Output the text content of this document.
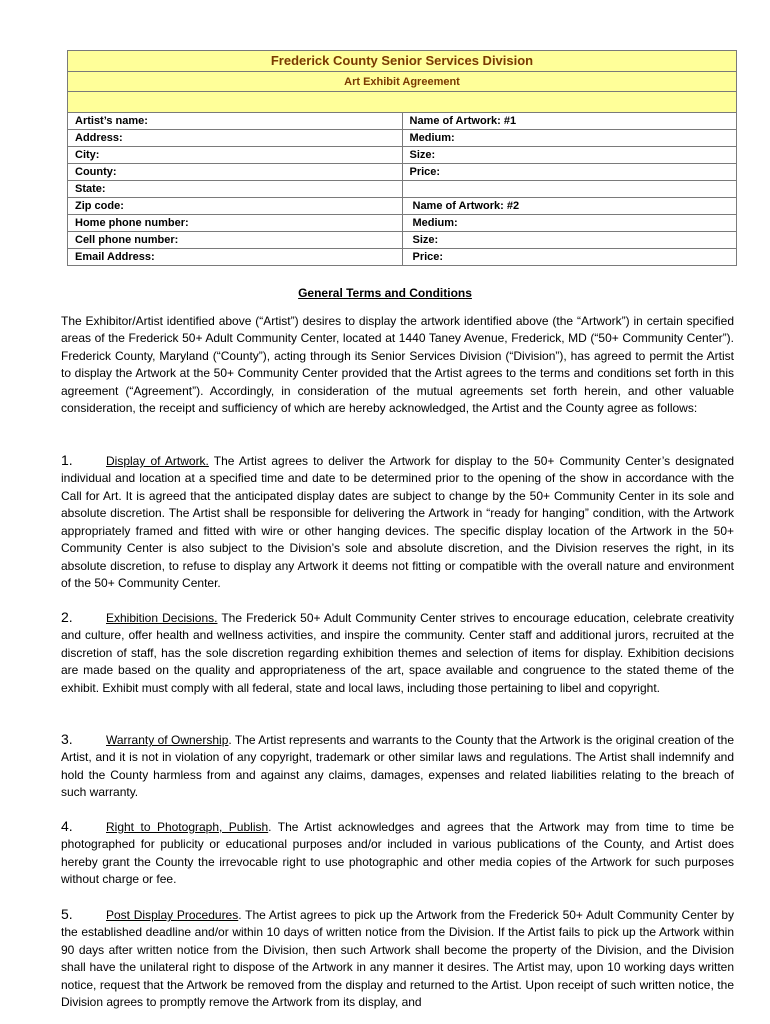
Frederick County Senior Services Division	
Art Exhibit Agreement	

Artist’s name:	Name of Artwork: #1
Address:	Medium:
City:	Size:
County:	Price:
State:	
Zip code:	Name of Artwork: #2
Home phone number:	Medium:
Cell phone number:	Size:
Email Address:	Price:
General Terms and Conditions

The Exhibitor/Artist identified above (“Artist”) desires to display the artwork identified above (the “Artwork”) in certain specified areas of the Frederick 50+ Adult Community Center, located at 1440 Taney Avenue, Frederick, MD (“50+ Community Center”). Frederick County, Maryland (“County”), acting through its Senior Services Division (“Division”), has agreed to permit the Artist to display the Artwork at the 50+ Community Center provided that the Artist agrees to the terms and conditions set forth in this agreement (“Agreement”). Accordingly, in consideration of the mutual agreements set forth herein, and other valuable consideration, the receipt and sufficiency of which are hereby acknowledged, the Artist and the County agree as follows:

1.	Display of Artwork. The Artist agrees to deliver the Artwork for display to the 50+ Community Center’s designated individual and location at a specified time and date to be determined prior to the opening of the show in accordance with the Call for Art. It is agreed that the anticipated display dates are subject to change by the 50+ Community Center in its sole and absolute discretion. The Artist shall be responsible for delivering the Artwork in “ready for hanging” condition, with the Artwork appropriately framed and fitted with wire or other hanging devices. The specific display location of the Artwork in the 50+ Community Center is also subject to the Division’s sole and absolute discretion, and the Division reserves the right, in its absolute discretion, to refuse to display any Artwork it deems not fitting or compatible with the overall nature and environment of the 50+ Community Center.

2.	Exhibition Decisions. The Frederick 50+ Adult Community Center strives to encourage education, celebrate creativity and culture, offer health and wellness activities, and inspire the community. Center staff and additional jurors, recruited at the discretion of staff, has the sole discretion regarding exhibition themes and selection of items for display. Exhibition decisions are made based on the quality and appropriateness of the art, space available and congruence to the stated theme of the exhibit. Exhibit must comply with all federal, state and local laws, including those pertaining to libel and copyright.

3.	Warranty of Ownership. The Artist represents and warrants to the County that the Artwork is the original creation of the Artist, and it is not in violation of any copyright, trademark or other similar laws and regulations. The Artist shall indemnify and hold the County harmless from and against any claims, damages, expenses and related liabilities relating to the breach of such warranty.

4.	Right to Photograph, Publish. The Artist acknowledges and agrees that the Artwork may from time to time be photographed for publicity or educational purposes and/or included in various publications of the County, and Artist does hereby grant the County the irrevocable right to use photographic and other media copies of the Artwork for such purposes without charge or fee.

5.	Post Display Procedures. The Artist agrees to pick up the Artwork from the Frederick 50+ Adult Community Center by the established deadline and/or within 10 days of written notice from the Division. If the Artist fails to pick up the Artwork within 90 days after written notice from the Division, then such Artwork shall become the property of the Division, and the Division shall have the unilateral right to dispose of the Artwork in any manner it desires. The Artist may, upon 10 working days written notice, request that the Artwork be removed from the display and returned to the Artist. Upon receipt of such written notice, the Division agrees to promptly remove the Artwork from its display, and
